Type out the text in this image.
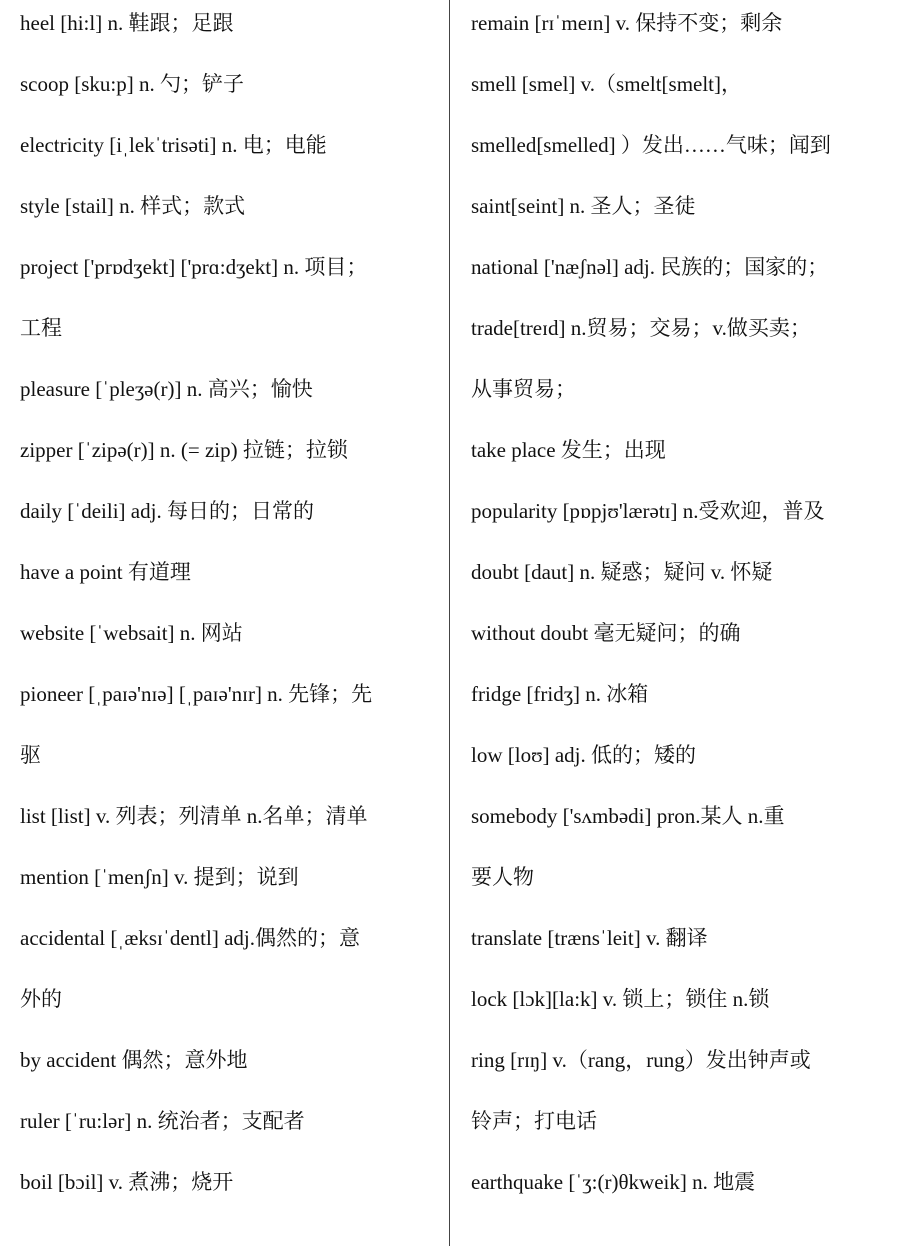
heel [hi:l] n. 鞋跟；足跟
scoop [sku:p] n. 勺；铲子
electricity [iˌlekˈtrisəti] n. 电；电能
style [stail] n. 样式；款式
project ['prɒdʒekt] ['prɑ:dʒekt] n. 项目；
工程
pleasure [ˈpleʒə(r)] n. 高兴；愉快
zipper [ˈzipə(r)] n. (= zip) 拉链；拉锁
daily [ˈdeili] adj. 每日的；日常的
have a point 有道理
website [ˈwebsait] n. 网站
pioneer [ˌpaɪə'nɪə] [ˌpaɪə'nɪr] n. 先锋；先
驱
list [list] v. 列表；列清单 n.名单；清单
mention [ˈmenʃn] v. 提到；说到
accidental [ˌæksɪˈdentl] adj.偶然的；意
外的
by accident 偶然；意外地
ruler [ˈru:lər] n. 统治者；支配者
boil [bɔil] v. 煮沸；烧开
remain [rɪˈmeɪn] v. 保持不变；剩余
smell [smel] v.（smelt[smelt]，
smelled[smelled] ）发出……气味；闻到
saint[seint] n. 圣人；圣徒
national ['næʃnəl] adj. 民族的；国家的；
trade[treɪd] n.贸易；交易；v.做买卖；
从事贸易；
take place 发生；出现
popularity [pɒpjʊ'lærətɪ] n.受欢迎，普及
doubt [daut] n. 疑惑；疑问 v. 怀疑
without doubt 毫无疑问；的确
fridge [fridʒ] n. 冰箱
low [loʊ] adj. 低的；矮的
somebody ['sʌmbədi] pron.某人 n.重
要人物
translate [trænsˈleit] v. 翻译
lock [lɔk][la:k] v. 锁上；锁住 n.锁
ring [rɪŋ] v.（rang，rung）发出钟声或
铃声；打电话
earthquake [ˈʒ:(r)θkweik] n. 地震
